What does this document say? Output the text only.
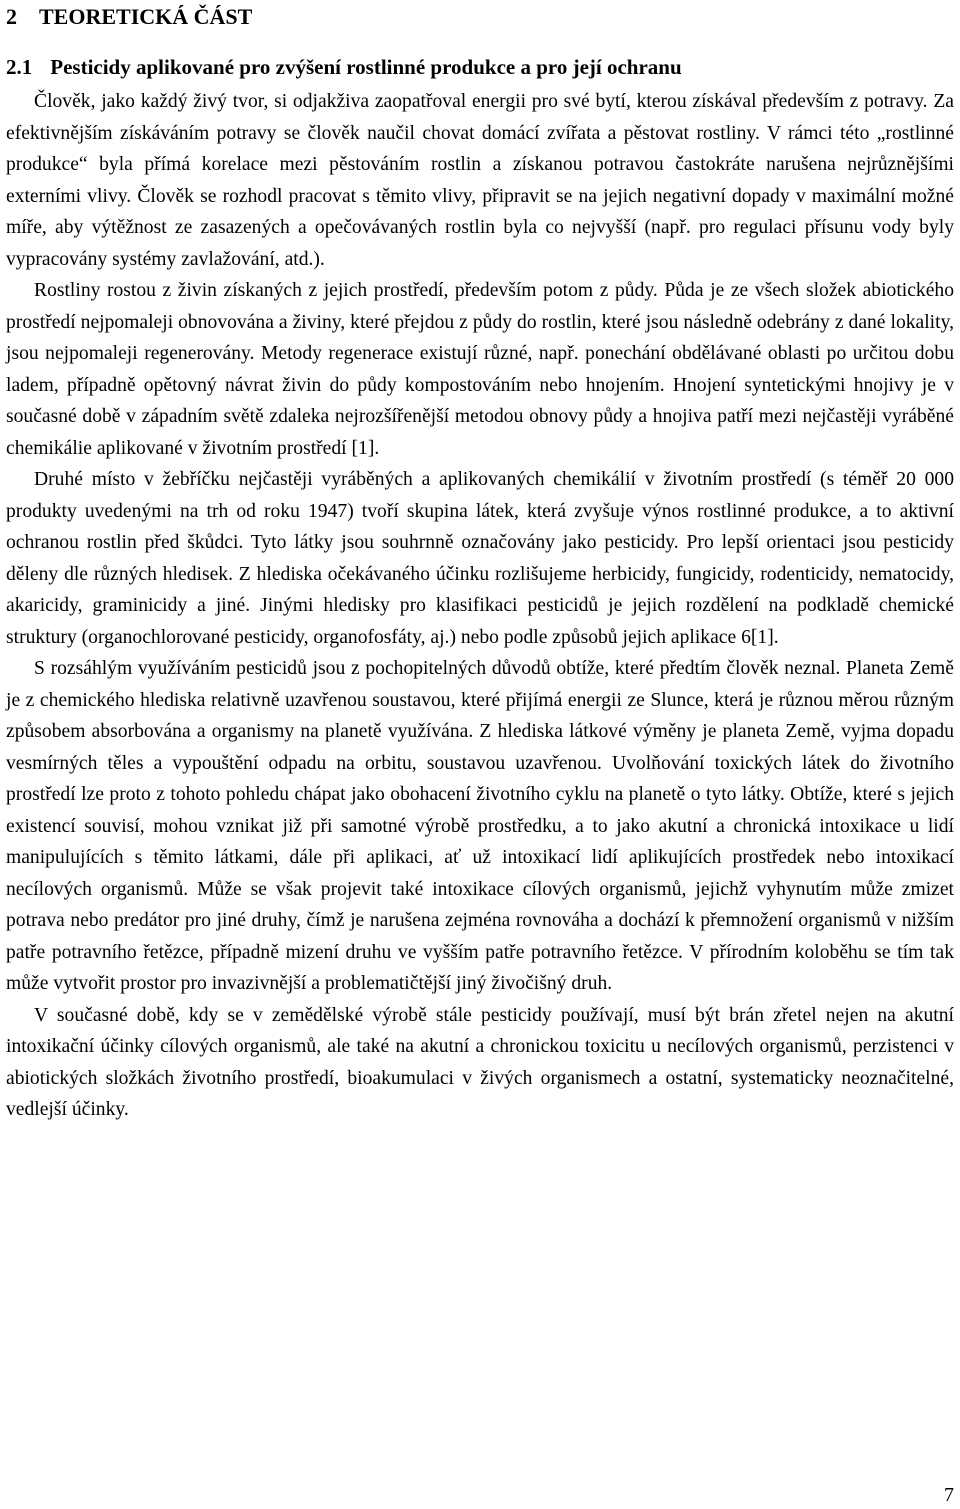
2 TEORETICKÁ ČÁST
2.1 Pesticidy aplikované pro zvýšení rostlinné produkce a pro její ochranu

Člověk, jako každý živý tvor, si odjakživa zaopatřoval energii pro své bytí, kterou získával především z potravy. Za efektivnějším získáváním potravy se člověk naučil chovat domácí zvířata a pěstovat rostliny. V rámci této „rostlinné produkce“ byla přímá korelace mezi pěstováním rostlin a získanou potravou častokráte narušena nejrůznějšími externími vlivy. Člověk se rozhodl pracovat s těmito vlivy, připravit se na jejich negativní dopady v maximální možné míře, aby výtěžnost ze zasazených a opečovávaných rostlin byla co nejvyšší (např. pro regulaci přísunu vody byly vypracovány systémy zavlažování, atd.).

Rostliny rostou z živin získaných z jejich prostředí, především potom z půdy. Půda je ze všech složek abiotického prostředí nejpomaleji obnovována a živiny, které přejdou z půdy do rostlin, které jsou následně odebrány z dané lokality, jsou nejpomaleji regenerovány. Metody regenerace existují různé, např. ponechání obdělávané oblasti po určitou dobu ladem, případně opětovný návrat živin do půdy kompostováním nebo hnojením. Hnojení syntetickými hnojivy je v současné době v západním světě zdaleka nejrozšířenější metodou obnovy půdy a hnojiva patří mezi nejčastěji vyráběné chemikálie aplikované v životním prostředí [1].

Druhé místo v žebříčku nejčastěji vyráběných a aplikovaných chemikálií v životním prostředí (s téměř 20 000 produkty uvedenými na trh od roku 1947) tvoří skupina látek, která zvyšuje výnos rostlinné produkce, a to aktivní ochranou rostlin před škůdci. Tyto látky jsou souhrnně označovány jako pesticidy. Pro lepší orientaci jsou pesticidy děleny dle různých hledisek. Z hlediska očekávaného účinku rozlišujeme herbicidy, fungicidy, rodenticidy, nematocidy, akaricidy, graminicidy a jiné. Jinými hledisky pro klasifikaci pesticidů je jejich rozdělení na podkladě chemické struktury (organochlorované pesticidy, organofosfáty, aj.) nebo podle způsobů jejich aplikace 6[1].

S rozsáhlým využíváním pesticidů jsou z pochopitelných důvodů obtíže, které předtím člověk neznal. Planeta Země je z chemického hlediska relativně uzavřenou soustavou, které přijímá energii ze Slunce, která je různou měrou různým způsobem absorbována a organismy na planetě využívána. Z hlediska látkové výměny je planeta Země, vyjma dopadu vesmírných těles a vypouštění odpadu na orbitu, soustavou uzavřenou. Uvolňování toxických látek do životního prostředí lze proto z tohoto pohledu chápat jako obohacení životního cyklu na planetě o tyto látky. Obtíže, které s jejich existencí souvisí, mohou vznikat již při samotné výrobě prostředku, a to jako akutní a chronická intoxikace u lidí manipulujících s těmito látkami, dále při aplikaci, ať už intoxikací lidí aplikujících prostředek nebo intoxikací necílových organismů. Může se však projevit také intoxikace cílových organismů, jejichž vyhynutím může zmizet potrava nebo predátor pro jiné druhy, čímž je narušena zejména rovnováha a dochází k přemnožení organismů v nižším patře potravního řetězce, případně mizení druhu ve vyšším patře potravního řetězce. V přírodním koloběhu se tím tak může vytvořit prostor pro invazivnější a problematičtější jiný živočišný druh.

V současné době, kdy se v zemědělské výrobě stále pesticidy používají, musí být brán zřetel nejen na akutní intoxikační účinky cílových organismů, ale také na akutní a chronickou toxicitu u necílových organismů, perzistenci v abiotických složkách životního prostředí, bioakumulaci v živých organismech a ostatní, systematicky neoznačitelné, vedlejší účinky.

7
